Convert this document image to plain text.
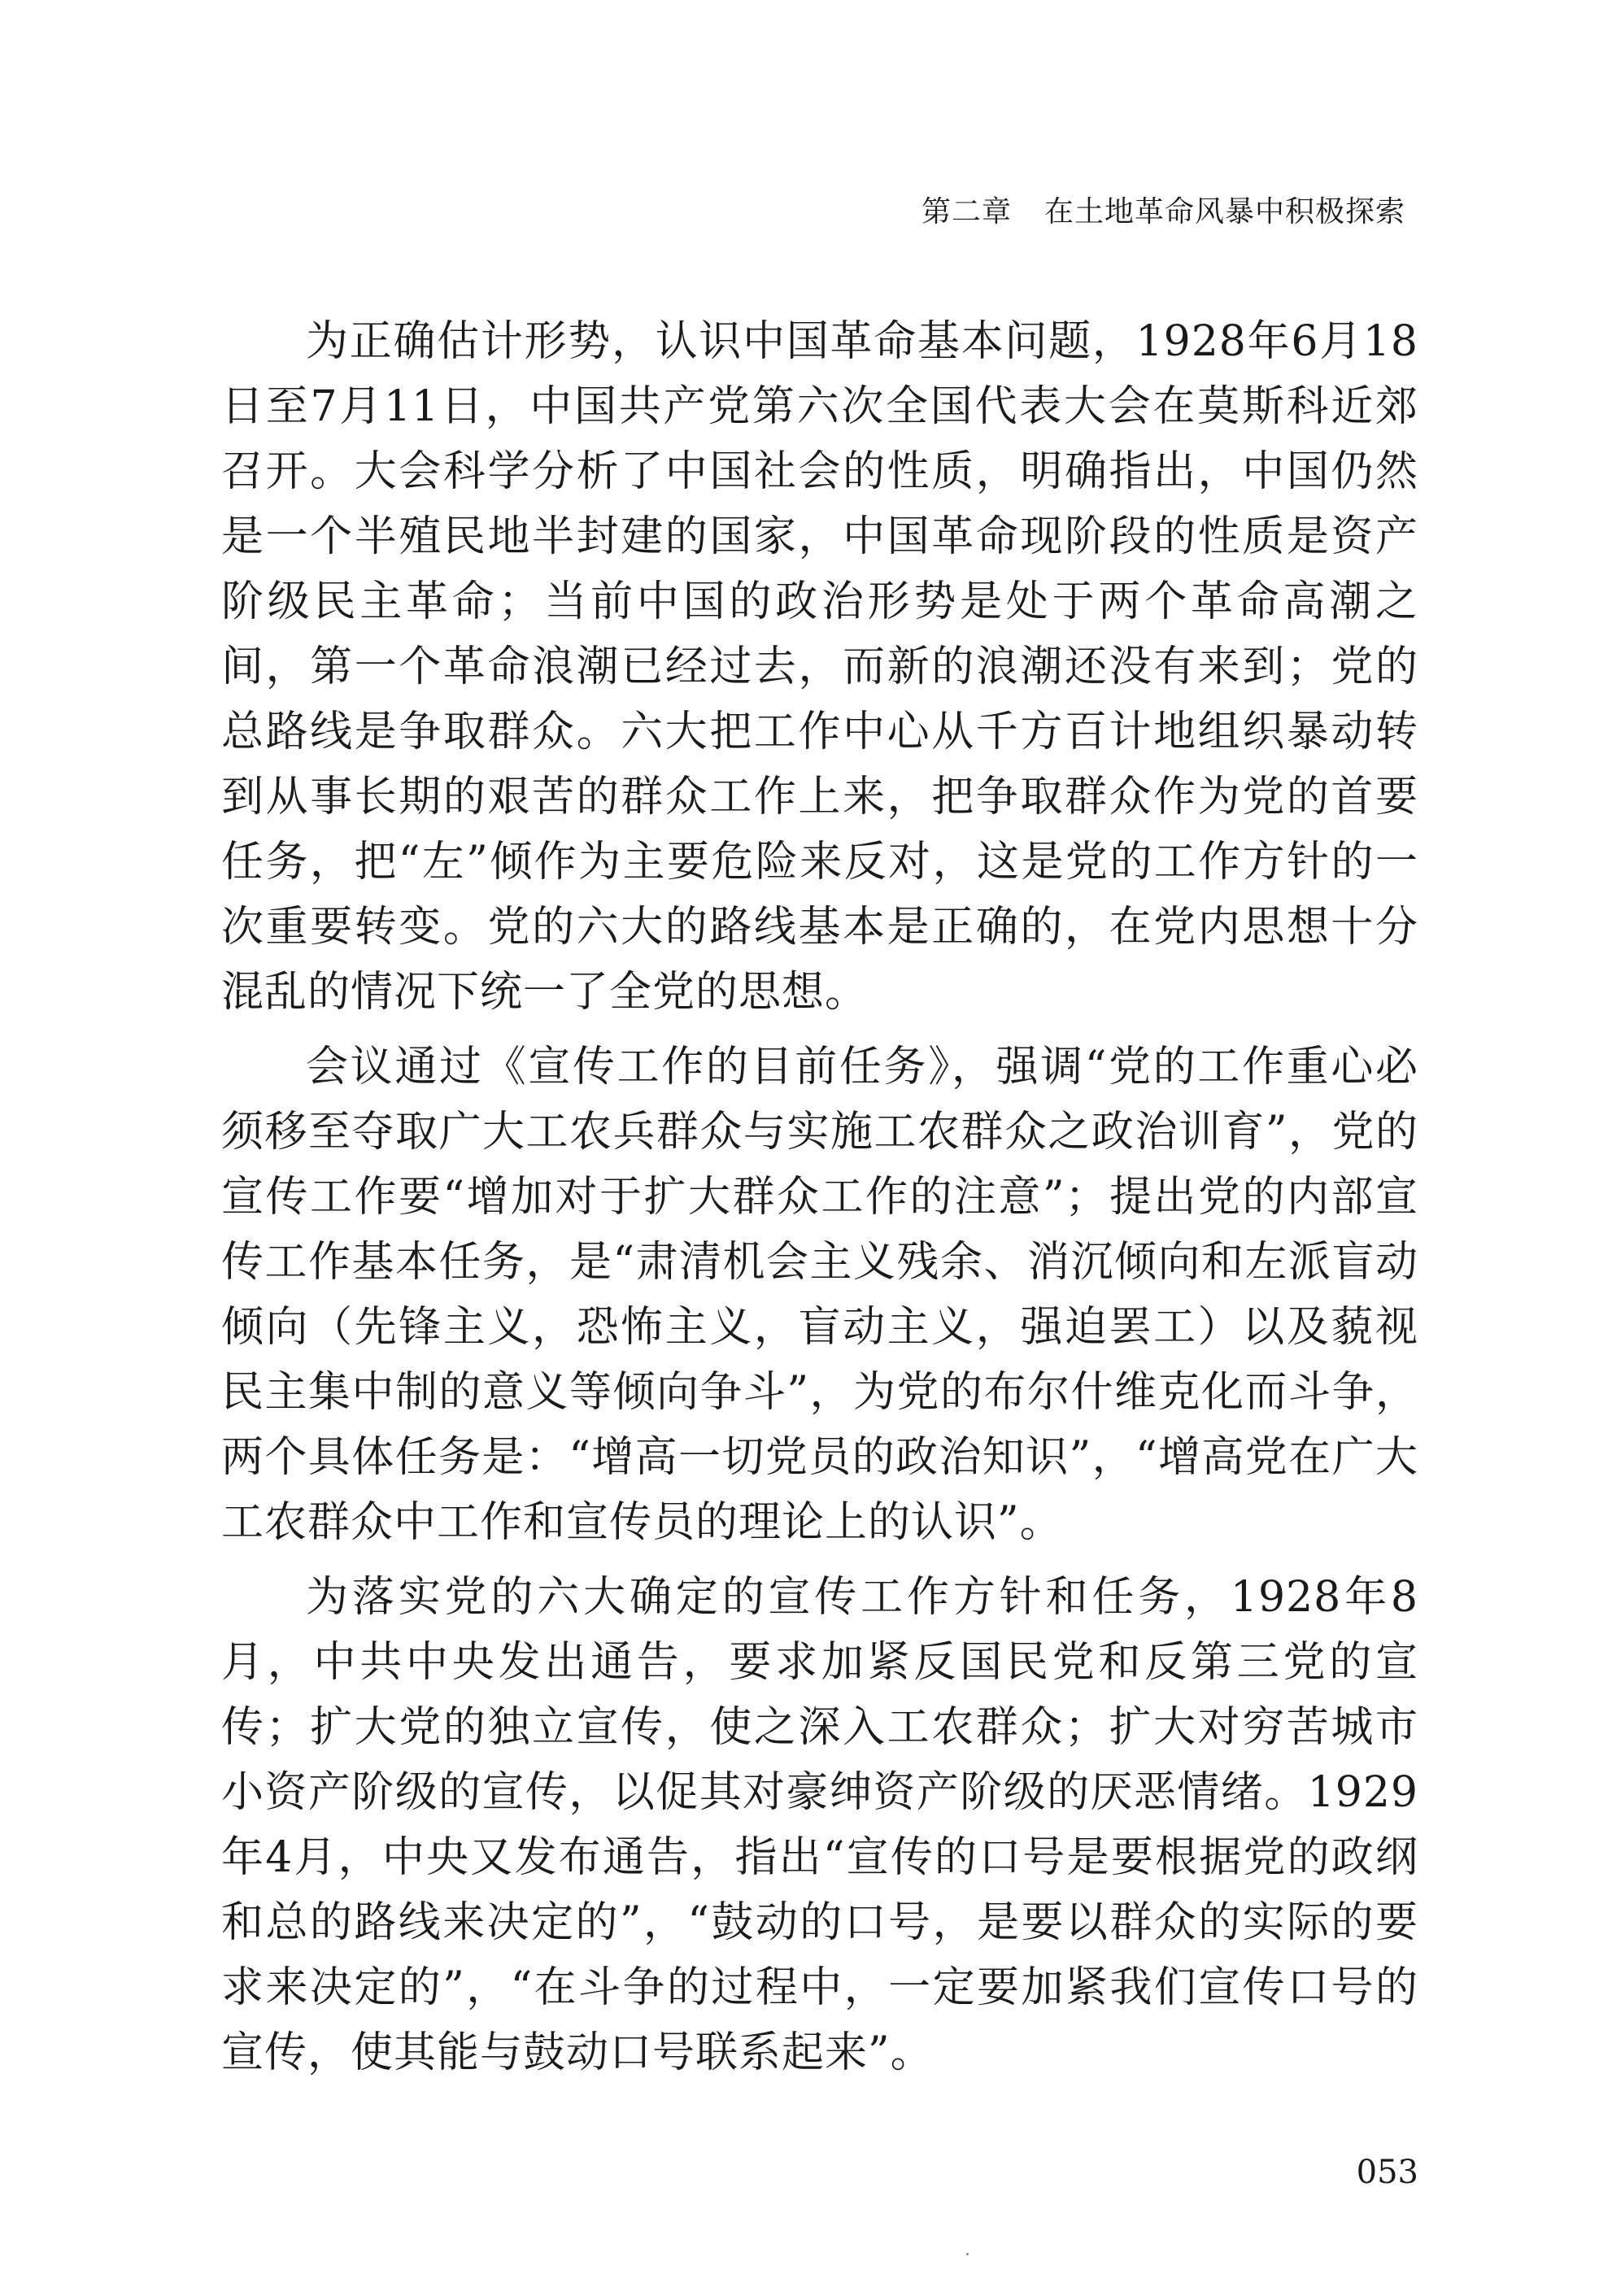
第二章 在土地革命风暴中积极探索

为正确估计形势，认识中国革命基本问题，1928年6月18日至7月11日，中国共产党第六次全国代表大会在莫斯科近郊召开。大会科学分析了中国社会的性质，明确指出，中国仍然是一个半殖民地半封建的国家，中国革命现阶段的性质是资产阶级民主革命；当前中国的政治形势是处于两个革命高潮之间，第一个革命浪潮已经过去，而新的浪潮还没有来到；党的总路线是争取群众。六大把工作中心从千方百计地组织暴动转到从事长期的艰苦的群众工作上来，把争取群众作为党的首要任务，把“左”倾作为主要危险来反对，这是党的工作方针的一次重要转变。党的六大的路线基本是正确的，在党内思想十分混乱的情况下统一了全党的思想。

会议通过《宣传工作的目前任务》，强调“党的工作重心必须移至夺取广大工农兵群众与实施工农群众之政治训育”，党的宣传工作要“增加对于扩大群众工作的注意”；提出党的内部宣传工作基本任务，是“肃清机会主义残余、消沉倾向和左派盲动倾向（先锋主义，恐怖主义，盲动主义，强迫罢工）以及藐视民主集中制的意义等倾向争斗”，为党的布尔什维克化而斗争，两个具体任务是：“增高一切党员的政治知识”，“增高党在广大工农群众中工作和宣传员的理论上的认识”。

为落实党的六大确定的宣传工作方针和任务，1928年8月，中共中央发出通告，要求加紧反国民党和反第三党的宣传；扩大党的独立宣传，使之深入工农群众；扩大对穷苦城市小资产阶级的宣传，以促其对豪绅资产阶级的厌恶情绪。1929年4月，中央又发布通告，指出“宣传的口号是要根据党的政纲和总的路线来决定的”，“鼓动的口号，是要以群众的实际的要求来决定的”，“在斗争的过程中，一定要加紧我们宣传口号的宣传，使其能与鼓动口号联系起来”。

053
